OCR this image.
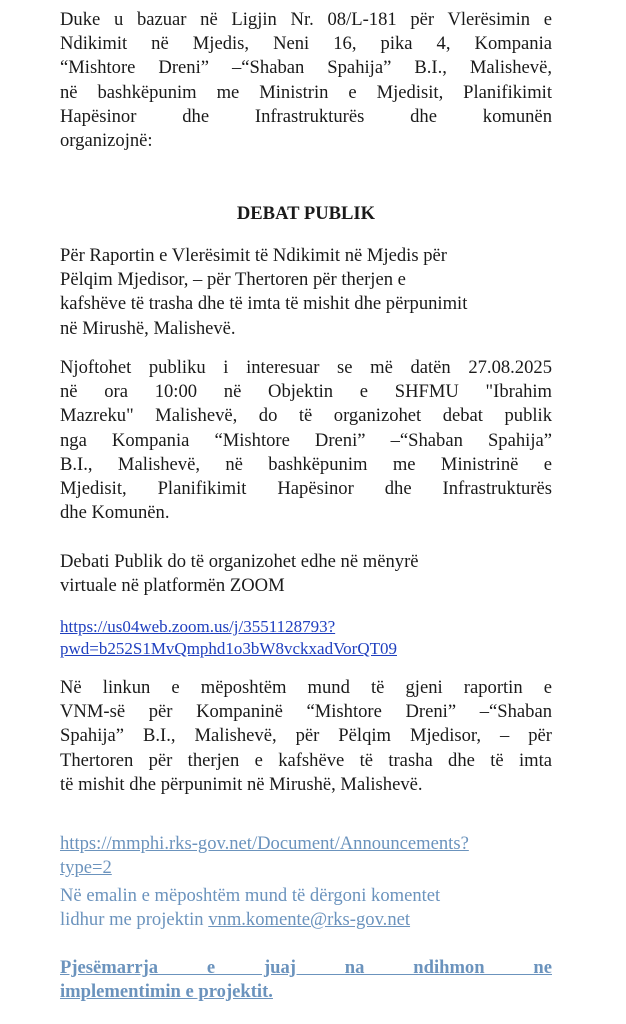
Duke u bazuar në Ligjin Nr. 08/L-181 për Vlerësimin e
Ndikimit në Mjedis, Neni 16, pika 4, Kompania
“Mishtore Dreni” –“Shaban Spahija” B.I., Malishevë,
në bashkëpunim me Ministrin e Mjedisit, Planifikimit
Hapësinor dhe Infrastrukturës dhe komunën
organizojnë:
DEBAT PUBLIK
Për Raportin e Vlerësimit të Ndikimit në Mjedis për
Pëlqim Mjedisor, – për Thertoren për therjen e
kafshëve të trasha dhe të imta të mishit dhe përpunimit
në Mirushë, Malishevë.
Njoftohet publiku i interesuar se më datën 27.08.2025
në ora 10:00 në Objektin e SHFMU "Ibrahim
Mazreku" Malishevë, do të organizohet debat publik
nga Kompania “Mishtore Dreni” –“Shaban Spahija”
B.I., Malishevë, në bashkëpunim me Ministrinë e
Mjedisit, Planifikimit Hapësinor dhe Infrastrukturës
dhe Komunën.
Debati Publik do të organizohet edhe në mënyrë
virtuale në platformën ZOOM
https://us04web.zoom.us/j/3551128793?
pwd=b252S1MvQmphd1o3bW8vckxadVorQT09
Në linkun e mëposhtëm mund të gjeni raportin e
VNM-së për Kompaninë “Mishtore Dreni” –“Shaban
Spahija” B.I., Malishevë, për Pëlqim Mjedisor, – për
Thertoren për therjen e kafshëve të trasha dhe të imta
të mishit dhe përpunimit në Mirushë, Malishevë.
https://mmphi.rks-gov.net/Document/Announcements?
type=2
Në emalin e mëposhtëm mund të dërgoni komentet
lidhur me projektin vnm.komente@rks-gov.net
Pjesëmarrja    e    juaj    na    ndihmon    ne
implementimin e projektit.
